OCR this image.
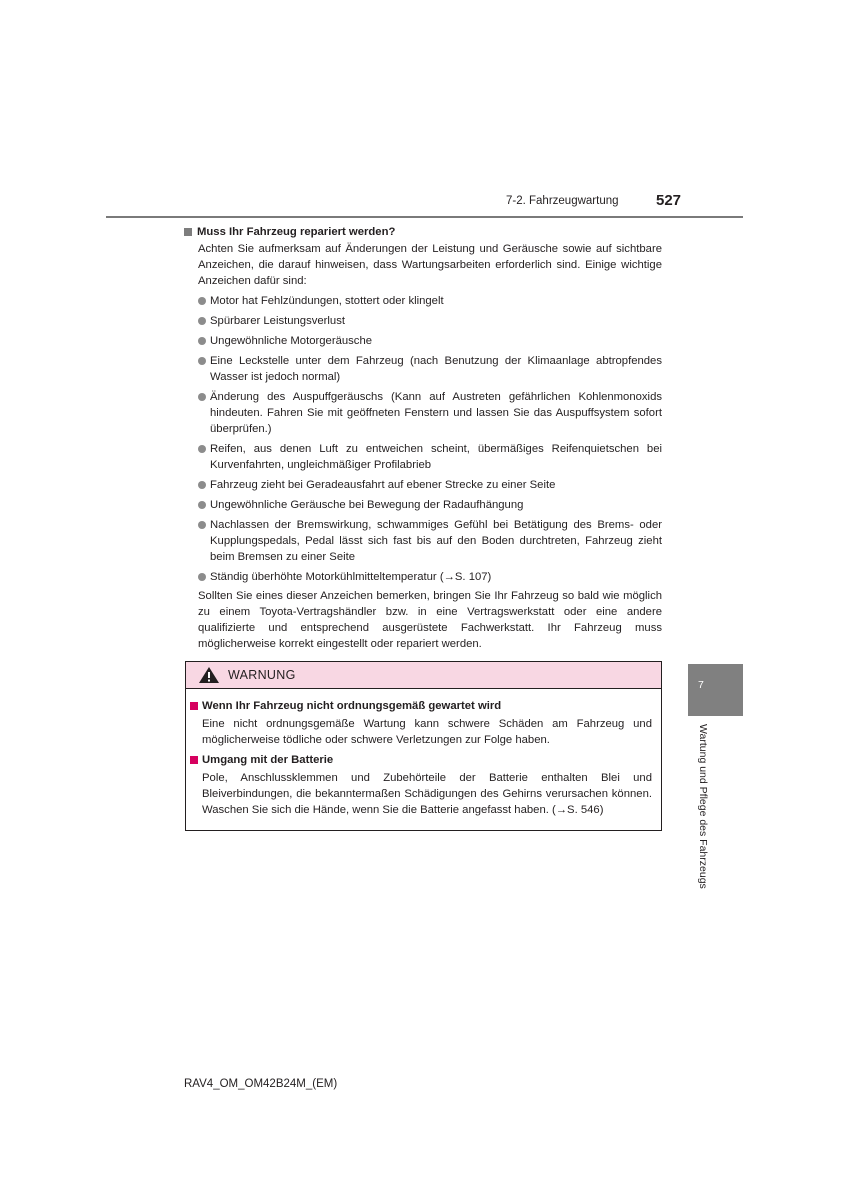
7-2. Fahrzeugwartung 527
Muss Ihr Fahrzeug repariert werden?
Achten Sie aufmerksam auf Änderungen der Leistung und Geräusche sowie auf sichtbare Anzeichen, die darauf hinweisen, dass Wartungsarbeiten erforderlich sind. Einige wichtige Anzeichen dafür sind:
Motor hat Fehlzündungen, stottert oder klingelt
Spürbarer Leistungsverlust
Ungewöhnliche Motorgeräusche
Eine Leckstelle unter dem Fahrzeug (nach Benutzung der Klimaanlage abtropfendes Wasser ist jedoch normal)
Änderung des Auspuffgeräuschs (Kann auf Austreten gefährlichen Kohlenmonoxids hindeuten. Fahren Sie mit geöffneten Fenstern und lassen Sie das Auspuffsystem sofort überprüfen.)
Reifen, aus denen Luft zu entweichen scheint, übermäßiges Reifenquietschen bei Kurvenfahrten, ungleichmäßiger Profilabrieb
Fahrzeug zieht bei Geradeausfahrt auf ebener Strecke zu einer Seite
Ungewöhnliche Geräusche bei Bewegung der Radaufhängung
Nachlassen der Bremswirkung, schwammiges Gefühl bei Betätigung des Brems- oder Kupplungspedals, Pedal lässt sich fast bis auf den Boden durchtreten, Fahrzeug zieht beim Bremsen zu einer Seite
Ständig überhöhte Motorkühlmitteltemperatur (→S. 107)
Sollten Sie eines dieser Anzeichen bemerken, bringen Sie Ihr Fahrzeug so bald wie möglich zu einem Toyota-Vertragshändler bzw. in eine Vertragswerkstatt oder eine andere qualifizierte und entsprechend ausgerüstete Fachwerkstatt. Ihr Fahrzeug muss möglicherweise korrekt eingestellt oder repariert werden.
WARNUNG
Wenn Ihr Fahrzeug nicht ordnungsgemäß gewartet wird
Eine nicht ordnungsgemäße Wartung kann schwere Schäden am Fahrzeug und möglicherweise tödliche oder schwere Verletzungen zur Folge haben.
Umgang mit der Batterie
Pole, Anschlussklemmen und Zubehörteile der Batterie enthalten Blei und Bleiverbindungen, die bekanntermaßen Schädigungen des Gehirns verursachen können. Waschen Sie sich die Hände, wenn Sie die Batterie angefasst haben. (→S. 546)
7
Wartung und Pflege des Fahrzeugs
RAV4_OM_OM42B24M_(EM)
